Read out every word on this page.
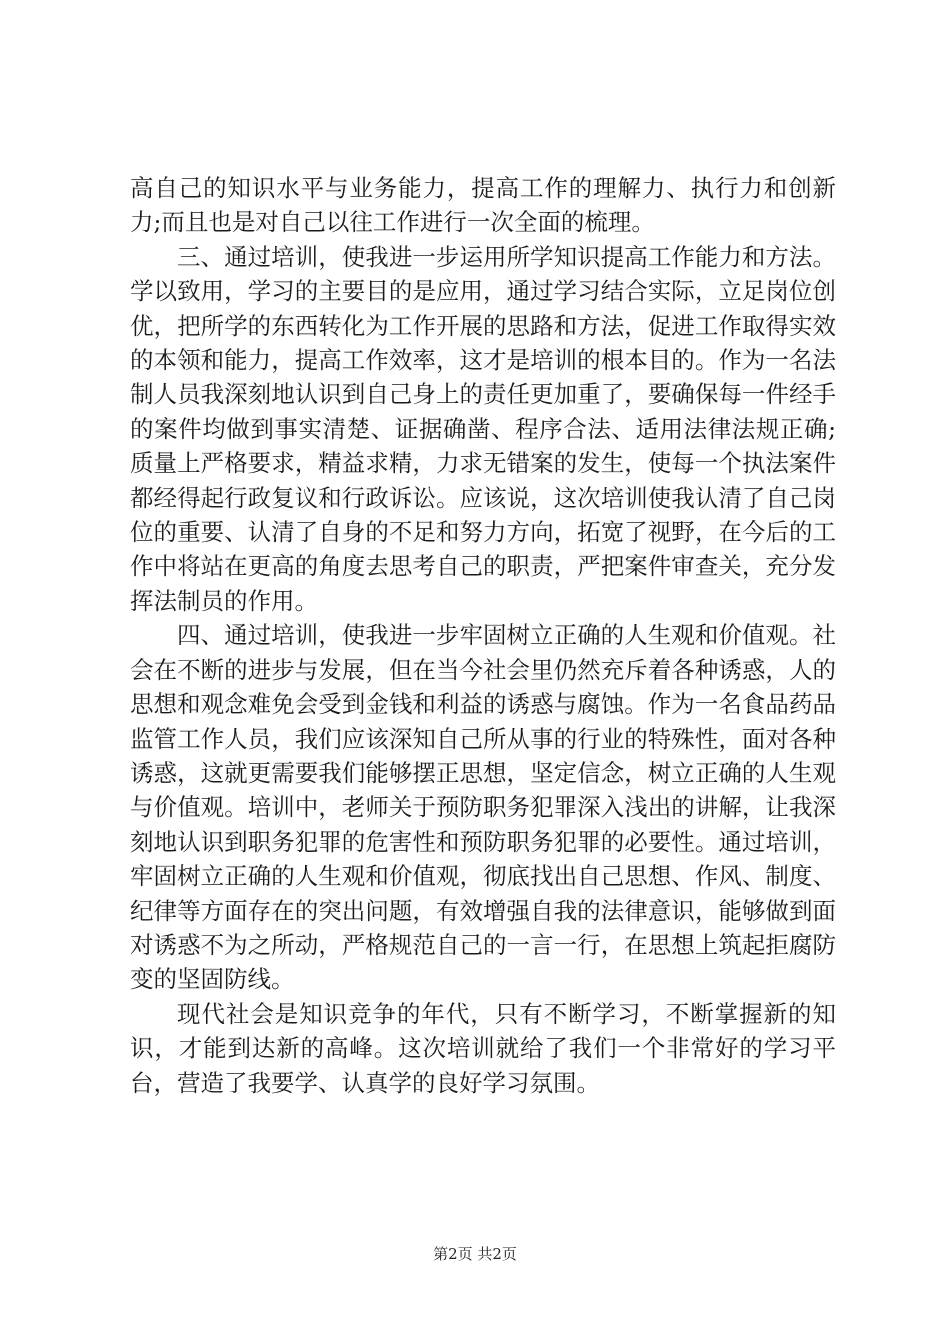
高自己的知识水平与业务能力，提高工作的理解力、执行力和创新力;而且也是对自己以往工作进行一次全面的梳理。

三、通过培训，使我进一步运用所学知识提高工作能力和方法。学以致用，学习的主要目的是应用，通过学习结合实际，立足岗位创优，把所学的东西转化为工作开展的思路和方法，促进工作取得实效的本领和能力，提高工作效率，这才是培训的根本目的。作为一名法制人员我深刻地认识到自己身上的责任更加重了，要确保每一件经手的案件均做到事实清楚、证据确凿、程序合法、适用法律法规正确;质量上严格要求，精益求精，力求无错案的发生，使每一个执法案件都经得起行政复议和行政诉讼。应该说，这次培训使我认清了自己岗位的重要、认清了自身的不足和努力方向，拓宽了视野，在今后的工作中将站在更高的角度去思考自己的职责，严把案件审查关，充分发挥法制员的作用。

四、通过培训，使我进一步牢固树立正确的人生观和价值观。社会在不断的进步与发展，但在当今社会里仍然充斥着各种诱惑，人的思想和观念难免会受到金钱和利益的诱惑与腐蚀。作为一名食品药品监管工作人员，我们应该深知自己所从事的行业的特殊性，面对各种诱惑，这就更需要我们能够摆正思想，坚定信念，树立正确的人生观与价值观。培训中，老师关于预防职务犯罪深入浅出的讲解，让我深刻地认识到职务犯罪的危害性和预防职务犯罪的必要性。通过培训，牢固树立正确的人生观和价值观，彻底找出自己思想、作风、制度、纪律等方面存在的突出问题，有效增强自我的法律意识，能够做到面对诱惑不为之所动，严格规范自己的一言一行，在思想上筑起拒腐防变的坚固防线。

现代社会是知识竞争的年代，只有不断学习，不断掌握新的知识，才能到达新的高峰。这次培训就给了我们一个非常好的学习平台，营造了我要学、认真学的良好学习氛围。

第2页 共2页
